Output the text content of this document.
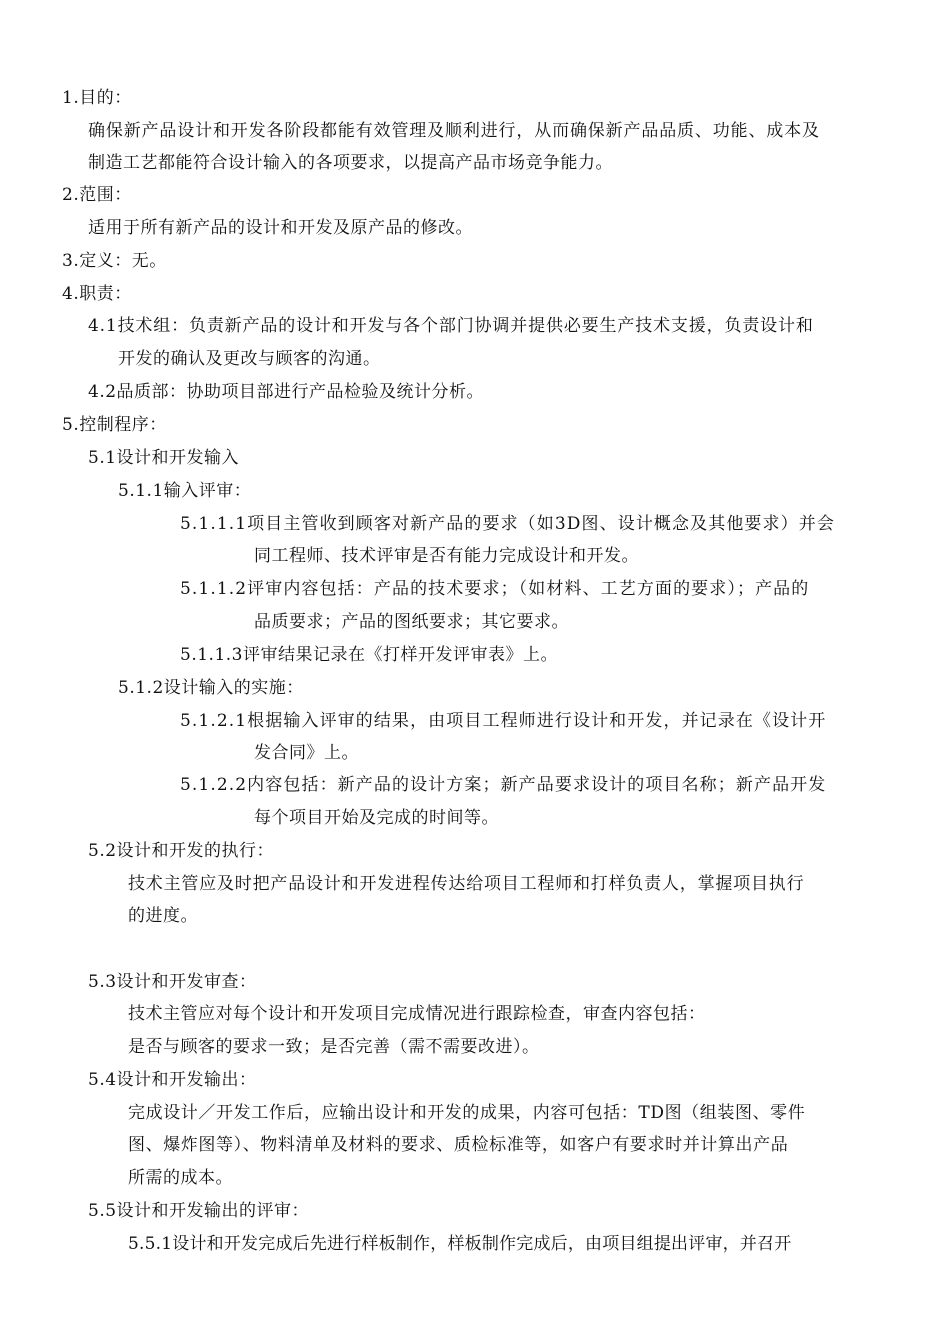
1.目的：
确保新产品设计和开发各阶段都能有效管理及顺利进行，从而确保新产品品质、功能、成本及
制造工艺都能符合设计输入的各项要求，以提高产品市场竞争能力。
2.范围：
适用于所有新产品的设计和开发及原产品的修改。
3.定义：无。
4.职责：
4.1技术组：负责新产品的设计和开发与各个部门协调并提供必要生产技术支援，负责设计和
开发的确认及更改与顾客的沟通。
4.2品质部：协助项目部进行产品检验及统计分析。
5.控制程序：
5.1设计和开发输入
5.1.1输入评审：
5.1.1.1项目主管收到顾客对新产品的要求（如3D图、设计概念及其他要求）并会
同工程师、技术评审是否有能力完成设计和开发。
5.1.1.2评审内容包括：产品的技术要求；（如材料、工艺方面的要求）；产品的
品质要求；产品的图纸要求；其它要求。
5.1.1.3评审结果记录在《打样开发评审表》上。
5.1.2设计输入的实施：
5.1.2.1根据输入评审的结果，由项目工程师进行设计和开发，并记录在《设计开
发合同》上。
5.1.2.2内容包括：新产品的设计方案；新产品要求设计的项目名称；新产品开发
每个项目开始及完成的时间等。
5.2设计和开发的执行：
技术主管应及时把产品设计和开发进程传达给项目工程师和打样负责人，掌握项目执行
的进度。
5.3设计和开发审查：
技术主管应对每个设计和开发项目完成情况进行跟踪检查，审查内容包括：
是否与顾客的要求一致；是否完善（需不需要改进）。
5.4设计和开发输出：
完成设计／开发工作后，应输出设计和开发的成果，内容可包括：TD图（组装图、零件
图、爆炸图等）、物料清单及材料的要求、质检标准等，如客户有要求时并计算出产品
所需的成本。
5.5设计和开发输出的评审：
5.5.1设计和开发完成后先进行样板制作，样板制作完成后，由项目组提出评审，并召开
